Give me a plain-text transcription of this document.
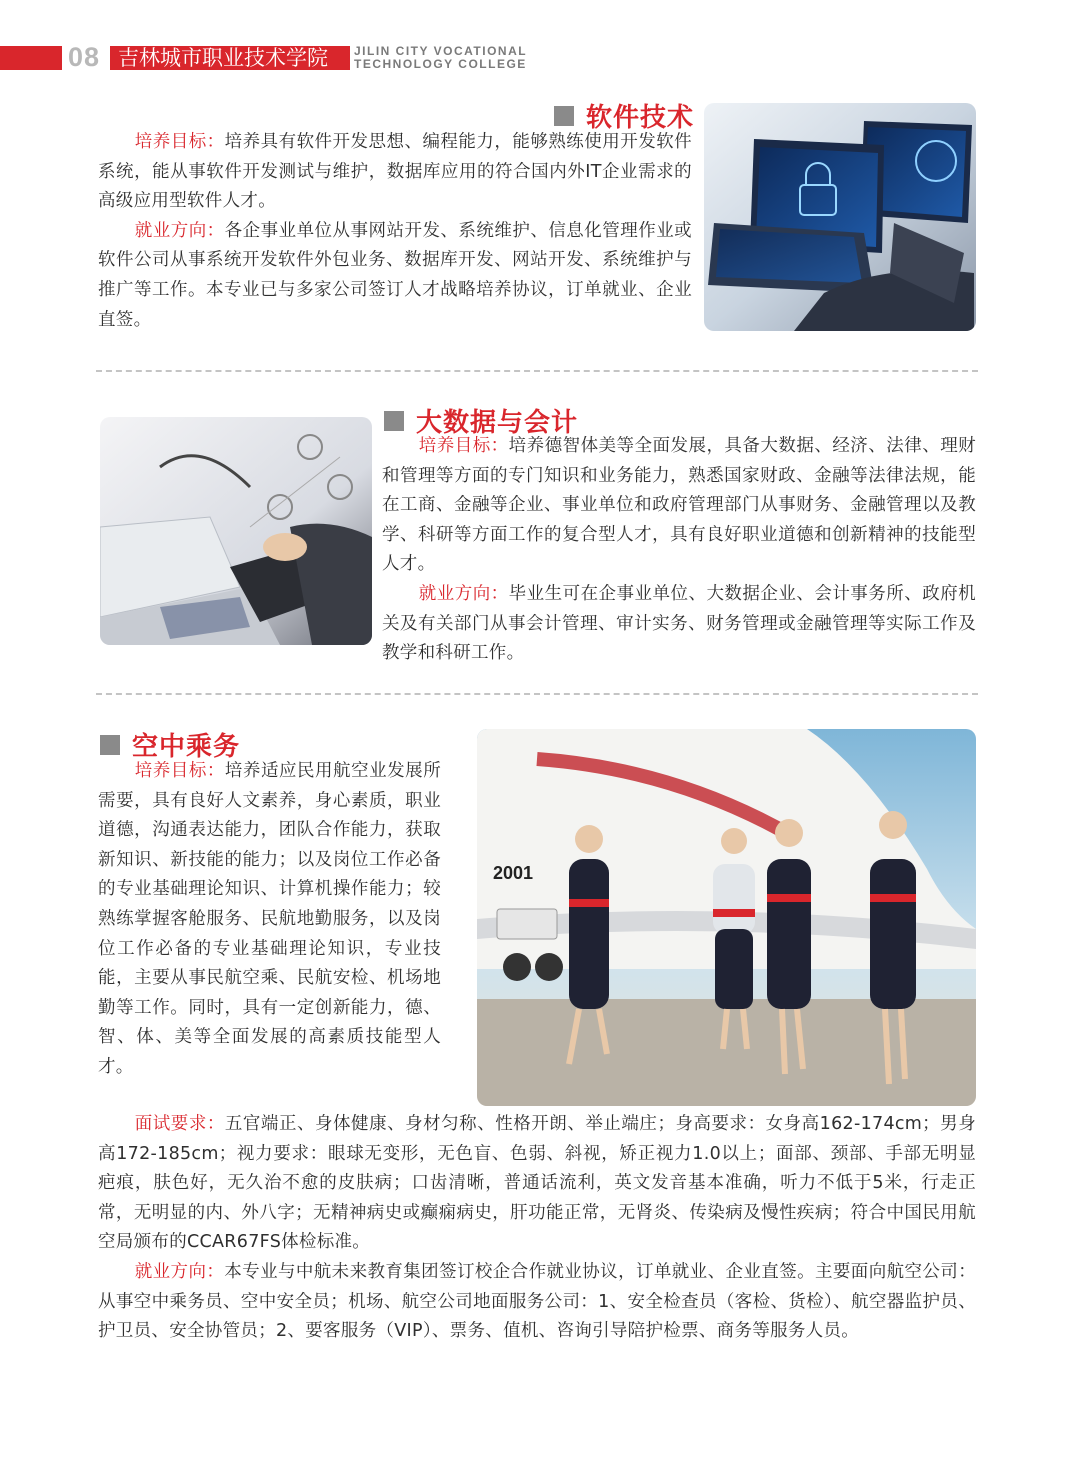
08 吉林城市职业技术学院 JILIN CITY VOCATIONAL
TECHNOLOGY COLLEGE
软件技术

培养目标：培养具有软件开发思想、编程能力，能够熟练使用开发软件系统，能从事软件开发测试与维护，数据库应用的符合国内外IT企业需求的高级应用型软件人才。

就业方向：各企事业单位从事网站开发、系统维护、信息化管理作业或软件公司从事系统开发软件外包业务、数据库开发、网站开发、系统维护与推广等工作。本专业已与多家公司签订人才战略培养协议，订单就业、企业直签。

大数据与会计

培养目标：培养德智体美等全面发展，具备大数据、经济、法律、理财和管理等方面的专门知识和业务能力，熟悉国家财政、金融等法律法规，能在工商、金融等企业、事业单位和政府管理部门从事财务、金融管理以及教学、科研等方面工作的复合型人才，具有良好职业道德和创新精神的技能型人才。

就业方向：毕业生可在企事业单位、大数据企业、会计事务所、政府机关及有关部门从事会计管理、审计实务、财务管理或金融管理等实际工作及教学和科研工作。

空中乘务

培养目标：培养适应民用航空业发展所需要，具有良好人文素养，身心素质，职业道德，沟通表达能力，团队合作能力，获取新知识、新技能的能力；以及岗位工作必备的专业基础理论知识、计算机操作能力；较熟练掌握客舱服务、民航地勤服务，以及岗位工作必备的专业基础理论知识，专业技能，主要从事民航空乘、民航安检、机场地勤等工作。同时，具有一定创新能力，德、智、体、美等全面发展的高素质技能型人才。

2001

面试要求：五官端正、身体健康、身材匀称、性格开朗、举止端庄；身高要求：女身高162-174cm；男身高172-185cm；视力要求：眼球无变形，无色盲、色弱、斜视，矫正视力1.0以上；面部、颈部、手部无明显疤痕，肤色好，无久治不愈的皮肤病；口齿清晰，普通话流利，英文发音基本准确，听力不低于5米，行走正常，无明显的内、外八字；无精神病史或癫痫病史，肝功能正常，无肾炎、传染病及慢性疾病；符合中国民用航空局颁布的CCAR67FS体检标准。

就业方向：本专业与中航未来教育集团签订校企合作就业协议，订单就业、企业直签。主要面向航空公司：从事空中乘务员、空中安全员；机场、航空公司地面服务公司：1、安全检查员（客检、货检）、航空器监护员、护卫员、安全协管员；2、要客服务（VIP）、票务、值机、咨询引导陪护检票、商务等服务人员。
